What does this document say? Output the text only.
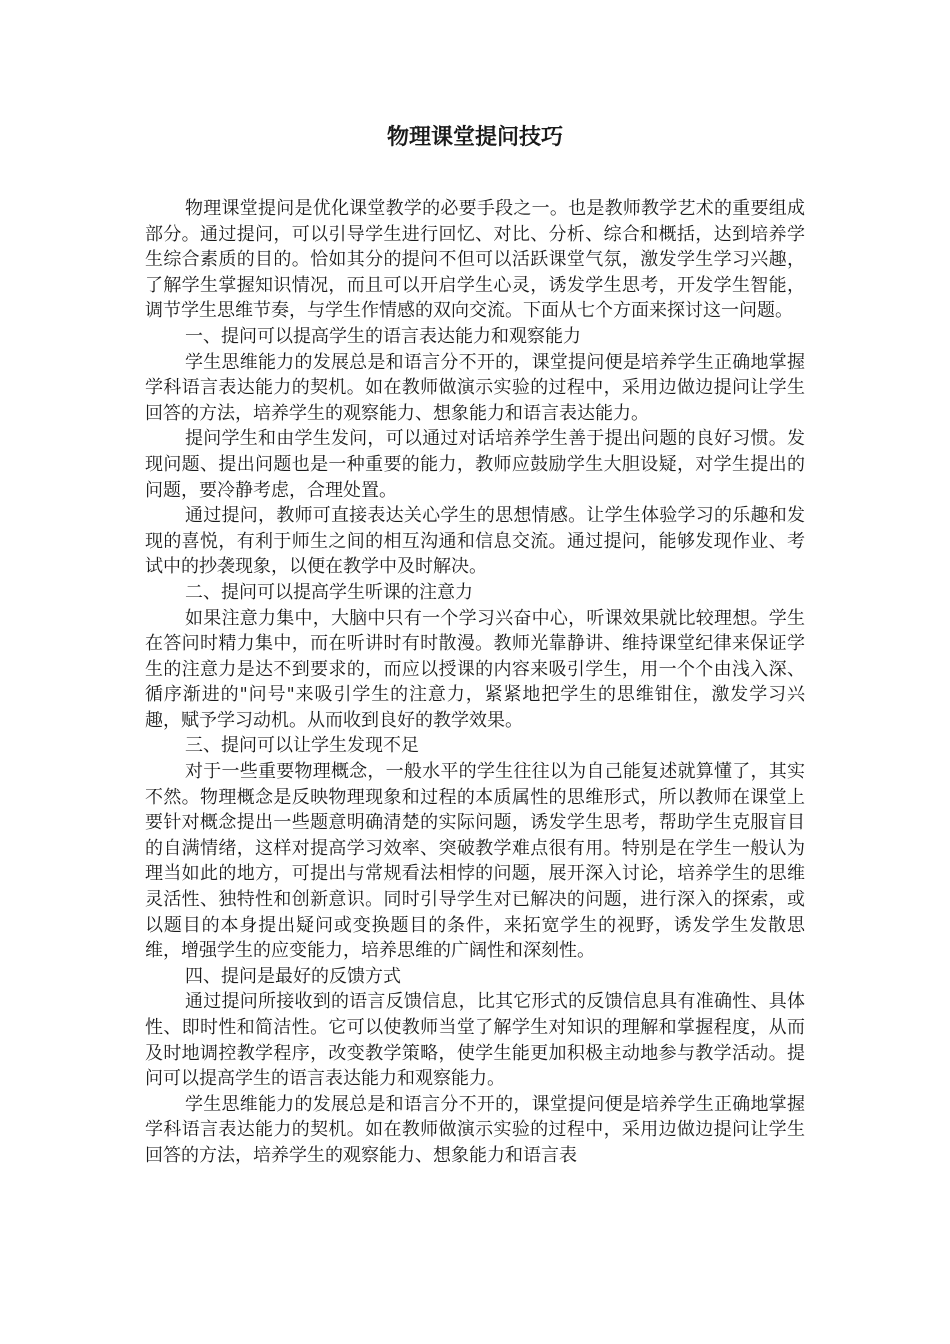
物理课堂提问技巧

物理课堂提问是优化课堂教学的必要手段之一。也是教师教学艺术的重要组成部分。通过提问，可以引导学生进行回忆、对比、分析、综合和概括，达到培养学生综合素质的目的。恰如其分的提问不但可以活跃课堂气氛，激发学生学习兴趣，了解学生掌握知识情况，而且可以开启学生心灵，诱发学生思考，开发学生智能，调节学生思维节奏，与学生作情感的双向交流。下面从七个方面来探讨这一问题。

一、提问可以提高学生的语言表达能力和观察能力

学生思维能力的发展总是和语言分不开的，课堂提问便是培养学生正确地掌握学科语言表达能力的契机。如在教师做演示实验的过程中，采用边做边提问让学生回答的方法，培养学生的观察能力、想象能力和语言表达能力。

提问学生和由学生发问，可以通过对话培养学生善于提出问题的良好习惯。发现问题、提出问题也是一种重要的能力，教师应鼓励学生大胆设疑，对学生提出的问题，要冷静考虑，合理处置。

通过提问，教师可直接表达关心学生的思想情感。让学生体验学习的乐趣和发现的喜悦，有利于师生之间的相互沟通和信息交流。通过提问，能够发现作业、考试中的抄袭现象，以便在教学中及时解决。

二、提问可以提高学生听课的注意力

如果注意力集中，大脑中只有一个学习兴奋中心，听课效果就比较理想。学生在答问时精力集中，而在听讲时有时散漫。教师光靠静讲、维持课堂纪律来保证学生的注意力是达不到要求的，而应以授课的内容来吸引学生，用一个个由浅入深、循序渐进的"问号"来吸引学生的注意力，紧紧地把学生的思维钳住，激发学习兴趣，赋予学习动机。从而收到良好的教学效果。

三、提问可以让学生发现不足

对于一些重要物理概念，一般水平的学生往往以为自己能复述就算懂了，其实不然。物理概念是反映物理现象和过程的本质属性的思维形式，所以教师在课堂上要针对概念提出一些题意明确清楚的实际问题，诱发学生思考，帮助学生克服盲目的自满情绪，这样对提高学习效率、突破教学难点很有用。特别是在学生一般认为理当如此的地方，可提出与常规看法相悖的问题，展开深入讨论，培养学生的思维灵活性、独特性和创新意识。同时引导学生对已解决的问题，进行深入的探索，或以题目的本身提出疑问或变换题目的条件，来拓宽学生的视野，诱发学生发散思维，增强学生的应变能力，培养思维的广阔性和深刻性。

四、提问是最好的反馈方式

通过提问所接收到的语言反馈信息，比其它形式的反馈信息具有准确性、具体性、即时性和简洁性。它可以使教师当堂了解学生对知识的理解和掌握程度，从而及时地调控教学程序，改变教学策略，使学生能更加积极主动地参与教学活动。提问可以提高学生的语言表达能力和观察能力。

学生思维能力的发展总是和语言分不开的，课堂提问便是培养学生正确地掌握学科语言表达能力的契机。如在教师做演示实验的过程中，采用边做边提问让学生回答的方法，培养学生的观察能力、想象能力和语言表
